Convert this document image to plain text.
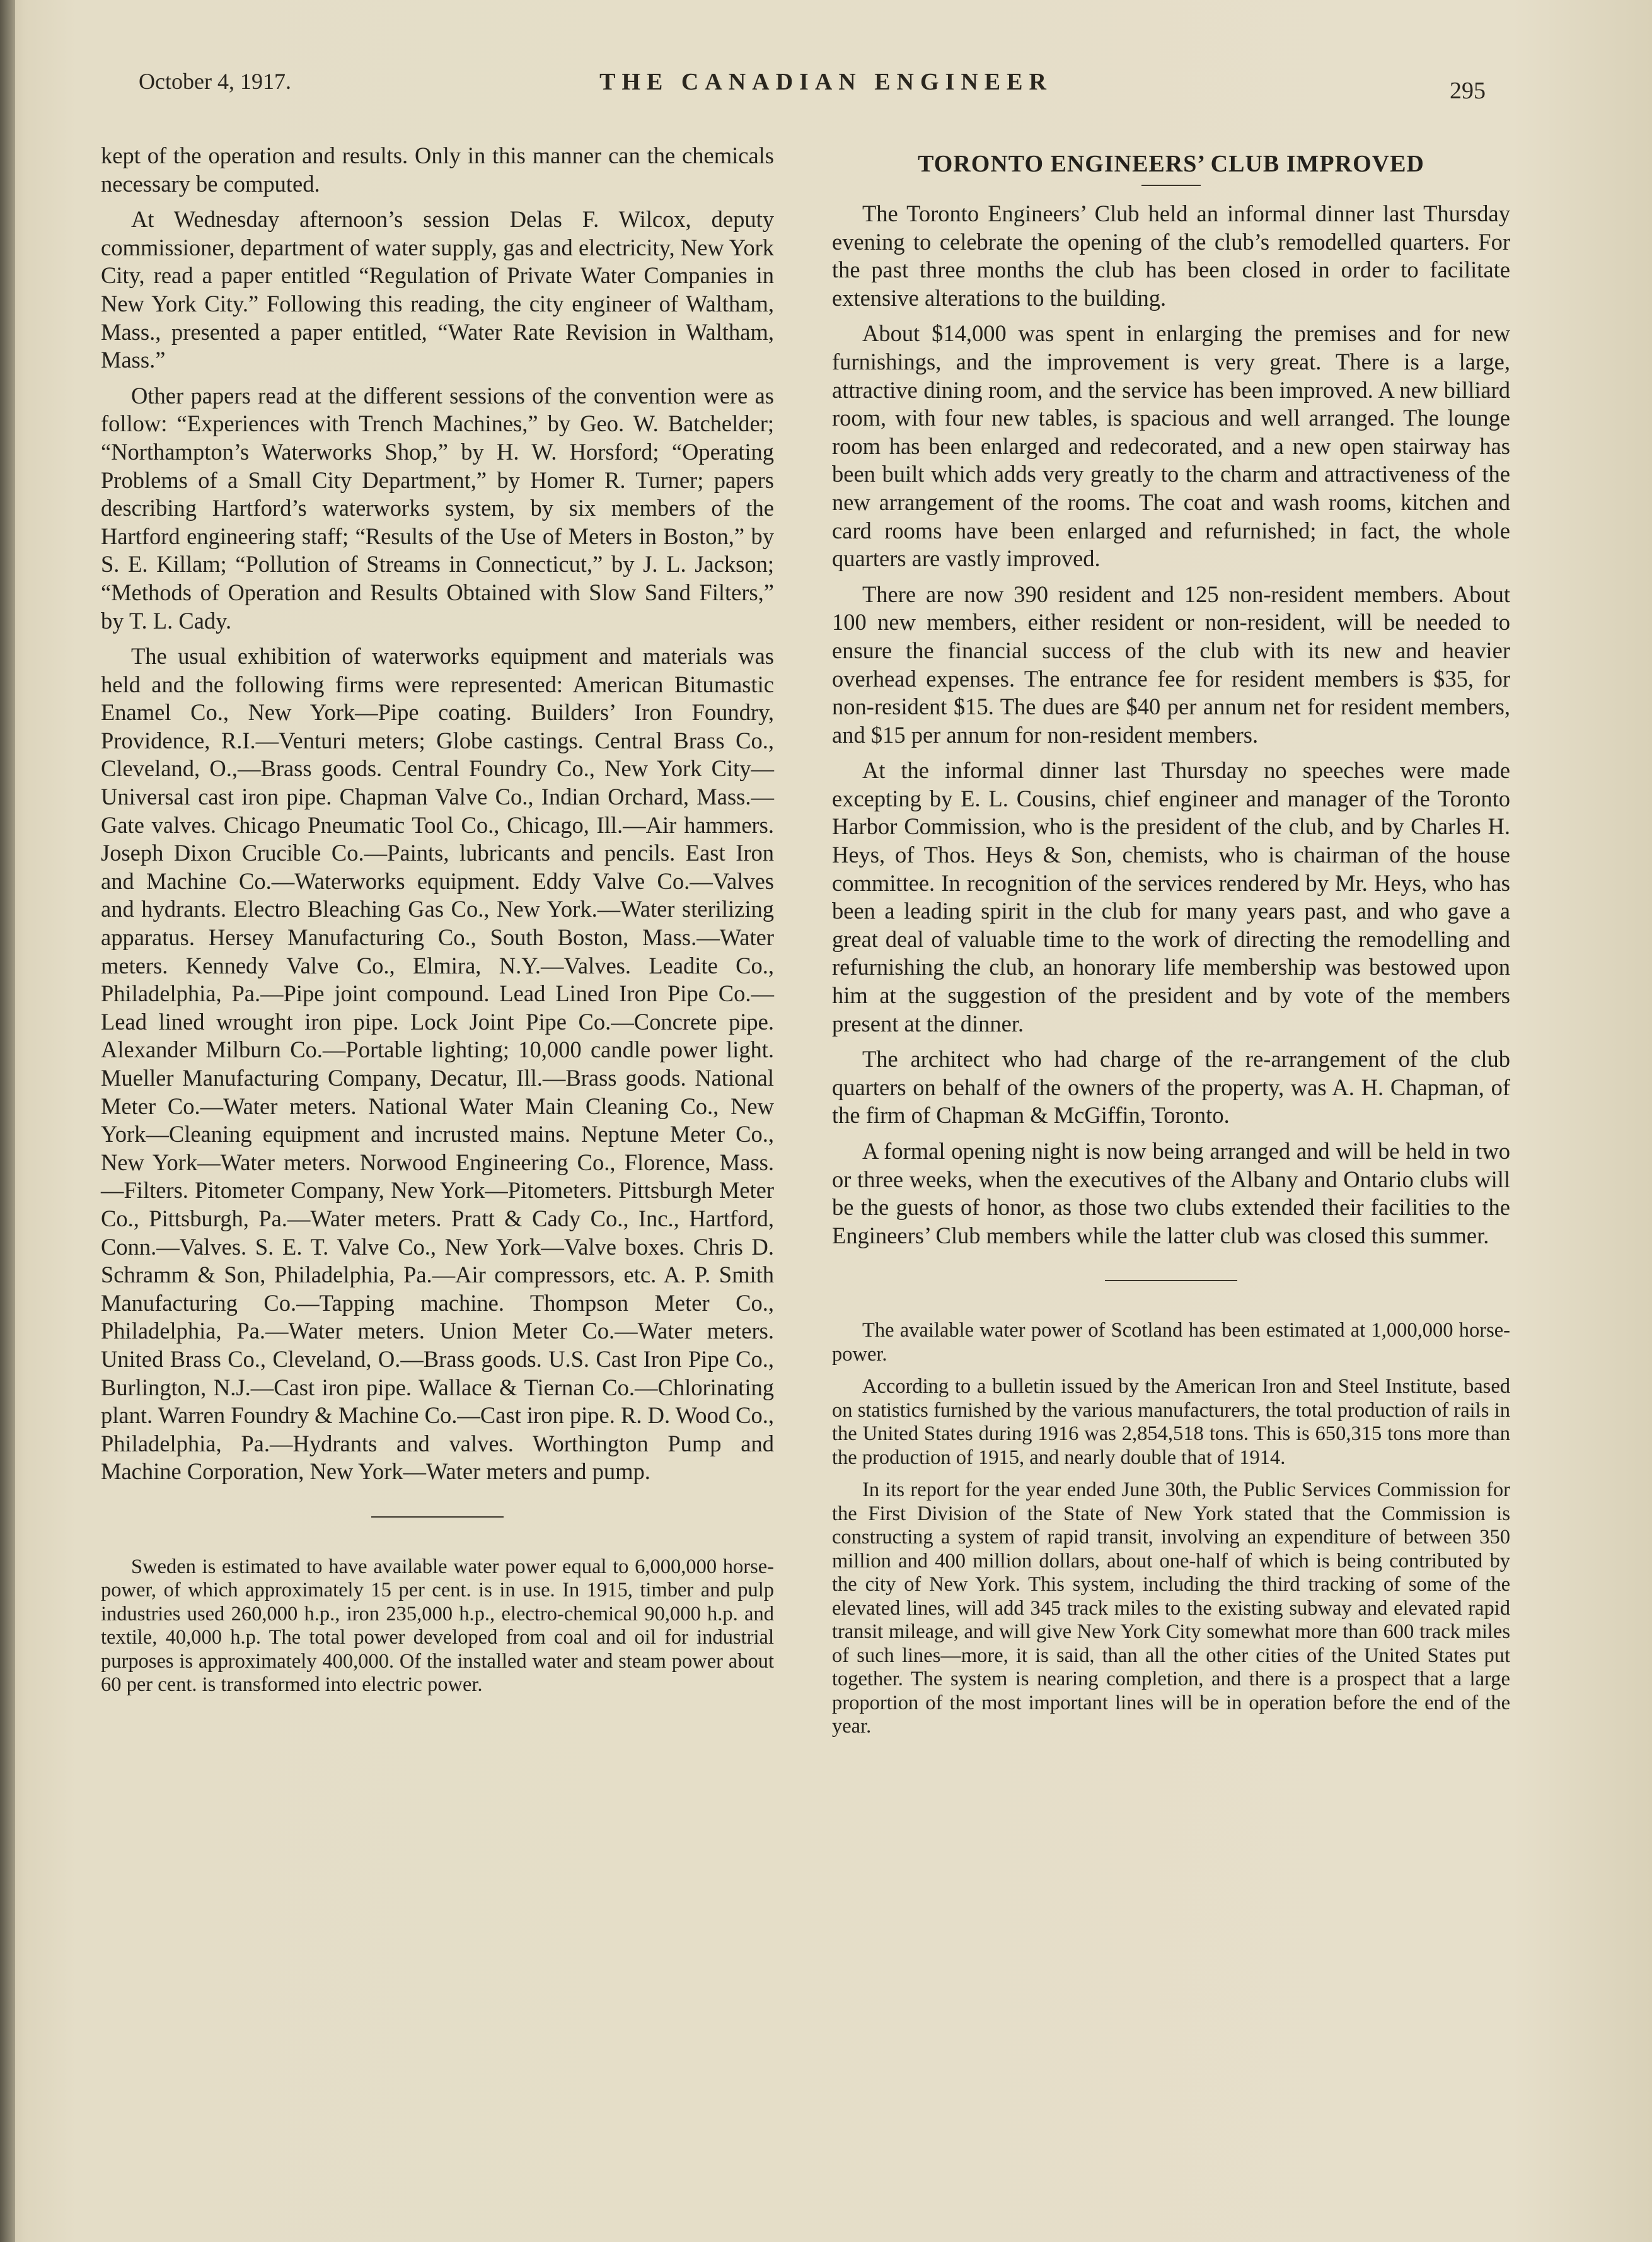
October 4, 1917.	THE CANADIAN ENGINEER	295

kept of the operation and results. Only in this manner can the chemicals necessary be computed.

At Wednesday afternoon’s session Delas F. Wilcox, deputy commissioner, department of water supply, gas and electricity, New York City, read a paper entitled “Regulation of Private Water Companies in New York City.” Following this reading, the city engineer of Waltham, Mass., presented a paper entitled, “Water Rate Revision in Waltham, Mass.”

Other papers read at the different sessions of the convention were as follow: “Experiences with Trench Machines,” by Geo. W. Batchelder; “Northampton’s Waterworks Shop,” by H. W. Horsford; “Operating Problems of a Small City Department,” by Homer R. Turner; papers describing Hartford’s waterworks system, by six members of the Hartford engineering staff; “Results of the Use of Meters in Boston,” by S. E. Killam; “Pollution of Streams in Connecticut,” by J. L. Jackson; “Methods of Operation and Results Obtained with Slow Sand Filters,” by T. L. Cady.

The usual exhibition of waterworks equipment and materials was held and the following firms were represented: American Bitumastic Enamel Co., New York—Pipe coating. Builders’ Iron Foundry, Providence, R.I.—Venturi meters; Globe castings. Central Brass Co., Cleveland, O.,—Brass goods. Central Foundry Co., New York City—Universal cast iron pipe. Chapman Valve Co., Indian Orchard, Mass.—Gate valves. Chicago Pneumatic Tool Co., Chicago, Ill.—Air hammers. Joseph Dixon Crucible Co.—Paints, lubricants and pencils. East Iron and Machine Co.—Waterworks equipment. Eddy Valve Co.—Valves and hydrants. Electro Bleaching Gas Co., New York.—Water sterilizing apparatus. Hersey Manufacturing Co., South Boston, Mass.—Water meters. Kennedy Valve Co., Elmira, N.Y.—Valves. Leadite Co., Philadelphia, Pa.—Pipe joint compound. Lead Lined Iron Pipe Co.—Lead lined wrought iron pipe. Lock Joint Pipe Co.—Concrete pipe. Alexander Milburn Co.—Portable lighting; 10,000 candle power light. Mueller Manufacturing Company, Decatur, Ill.—Brass goods. National Meter Co.—Water meters. National Water Main Cleaning Co., New York—Cleaning equipment and incrusted mains. Neptune Meter Co., New York—Water meters. Norwood Engineering Co., Florence, Mass.—Filters. Pitometer Company, New York—Pitometers. Pittsburgh Meter Co., Pittsburgh, Pa.—Water meters. Pratt & Cady Co., Inc., Hartford, Conn.—Valves. S. E. T. Valve Co., New York—Valve boxes. Chris D. Schramm & Son, Philadelphia, Pa.—Air compressors, etc. A. P. Smith Manufacturing Co.—Tapping machine. Thompson Meter Co., Philadelphia, Pa.—Water meters. Union Meter Co.—Water meters. United Brass Co., Cleveland, O.—Brass goods. U.S. Cast Iron Pipe Co., Burlington, N.J.—Cast iron pipe. Wallace & Tiernan Co.—Chlorinating plant. Warren Foundry & Machine Co.—Cast iron pipe. R. D. Wood Co., Philadelphia, Pa.—Hydrants and valves. Worthington Pump and Machine Corporation, New York—Water meters and pump.

Sweden is estimated to have available water power equal to 6,000,000 horse-power, of which approximately 15 per cent. is in use. In 1915, timber and pulp industries used 260,000 h.p., iron 235,000 h.p., electro-chemical 90,000 h.p. and textile, 40,000 h.p. The total power developed from coal and oil for industrial purposes is approximately 400,000. Of the installed water and steam power about 60 per cent. is transformed into electric power.

TORONTO ENGINEERS’ CLUB IMPROVED

The Toronto Engineers’ Club held an informal dinner last Thursday evening to celebrate the opening of the club’s remodelled quarters. For the past three months the club has been closed in order to facilitate extensive alterations to the building.

About $14,000 was spent in enlarging the premises and for new furnishings, and the improvement is very great. There is a large, attractive dining room, and the service has been improved. A new billiard room, with four new tables, is spacious and well arranged. The lounge room has been enlarged and redecorated, and a new open stairway has been built which adds very greatly to the charm and attractiveness of the new arrangement of the rooms. The coat and wash rooms, kitchen and card rooms have been enlarged and refurnished; in fact, the whole quarters are vastly improved.

There are now 390 resident and 125 non-resident members. About 100 new members, either resident or non-resident, will be needed to ensure the financial success of the club with its new and heavier overhead expenses. The entrance fee for resident members is $35, for non-resident $15. The dues are $40 per annum net for resident members, and $15 per annum for non-resident members.

At the informal dinner last Thursday no speeches were made excepting by E. L. Cousins, chief engineer and manager of the Toronto Harbor Commission, who is the president of the club, and by Charles H. Heys, of Thos. Heys & Son, chemists, who is chairman of the house committee. In recognition of the services rendered by Mr. Heys, who has been a leading spirit in the club for many years past, and who gave a great deal of valuable time to the work of directing the remodelling and refurnishing the club, an honorary life membership was bestowed upon him at the suggestion of the president and by vote of the members present at the dinner.

The architect who had charge of the re-arrangement of the club quarters on behalf of the owners of the property, was A. H. Chapman, of the firm of Chapman & McGiffin, Toronto.

A formal opening night is now being arranged and will be held in two or three weeks, when the executives of the Albany and Ontario clubs will be the guests of honor, as those two clubs extended their facilities to the Engineers’ Club members while the latter club was closed this summer.

The available water power of Scotland has been estimated at 1,000,000 horse-power.

According to a bulletin issued by the American Iron and Steel Institute, based on statistics furnished by the various manufacturers, the total production of rails in the United States during 1916 was 2,854,518 tons. This is 650,315 tons more than the production of 1915, and nearly double that of 1914.

In its report for the year ended June 30th, the Public Services Commission for the First Division of the State of New York stated that the Commission is constructing a system of rapid transit, involving an expenditure of between 350 million and 400 million dollars, about one-half of which is being contributed by the city of New York. This system, including the third tracking of some of the elevated lines, will add 345 track miles to the existing subway and elevated rapid transit mileage, and will give New York City somewhat more than 600 track miles of such lines—more, it is said, than all the other cities of the United States put together. The system is nearing completion, and there is a prospect that a large proportion of the most important lines will be in operation before the end of the year.
